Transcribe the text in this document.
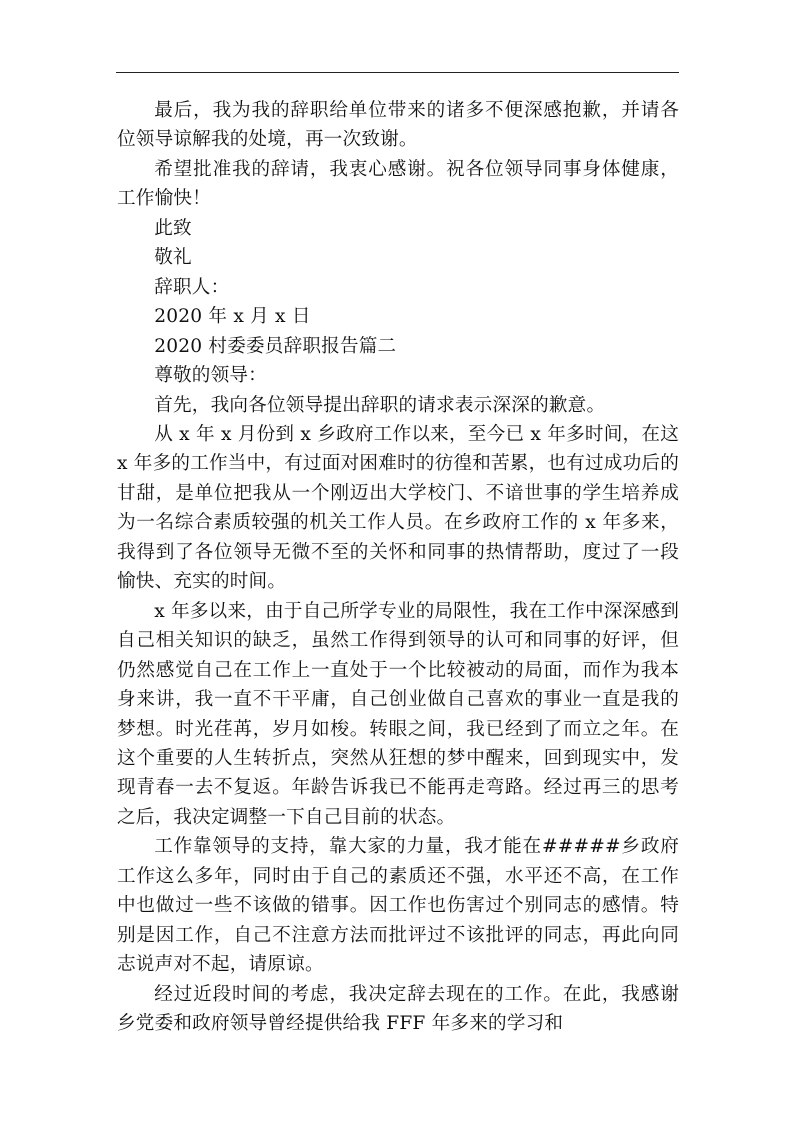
最后，我为我的辞职给单位带来的诸多不便深感抱歉，并请各位领导谅解我的处境，再一次致谢。

希望批准我的辞请，我衷心感谢。祝各位领导同事身体健康，工作愉快！

此致

敬礼

辞职人：

2020 年 x 月 x 日

2020 村委委员辞职报告篇二

尊敬的领导：

首先，我向各位领导提出辞职的请求表示深深的歉意。

从 x 年 x 月份到 x 乡政府工作以来，至今已 x 年多时间，在这 x 年多的工作当中，有过面对困难时的彷徨和苦累，也有过成功后的甘甜，是单位把我从一个刚迈出大学校门、不谙世事的学生培养成为一名综合素质较强的机关工作人员。在乡政府工作的 x 年多来，我得到了各位领导无微不至的关怀和同事的热情帮助，度过了一段愉快、充实的时间。

x 年多以来，由于自己所学专业的局限性，我在工作中深深感到自己相关知识的缺乏，虽然工作得到领导的认可和同事的好评，但仍然感觉自己在工作上一直处于一个比较被动的局面，而作为我本身来讲，我一直不干平庸，自己创业做自己喜欢的事业一直是我的梦想。时光荏苒，岁月如梭。转眼之间，我已经到了而立之年。在这个重要的人生转折点，突然从狂想的梦中醒来，回到现实中，发现青春一去不复返。年龄告诉我已不能再走弯路。经过再三的思考之后，我决定调整一下自己目前的状态。

工作靠领导的支持，靠大家的力量，我才能在#####乡政府工作这么多年，同时由于自己的素质还不强，水平还不高，在工作中也做过一些不该做的错事。因工作也伤害过个别同志的感情。特别是因工作，自己不注意方法而批评过不该批评的同志，再此向同志说声对不起，请原谅。

经过近段时间的考虑，我决定辞去现在的工作。在此，我感谢乡党委和政府领导曾经提供给我 FFF 年多来的学习和
